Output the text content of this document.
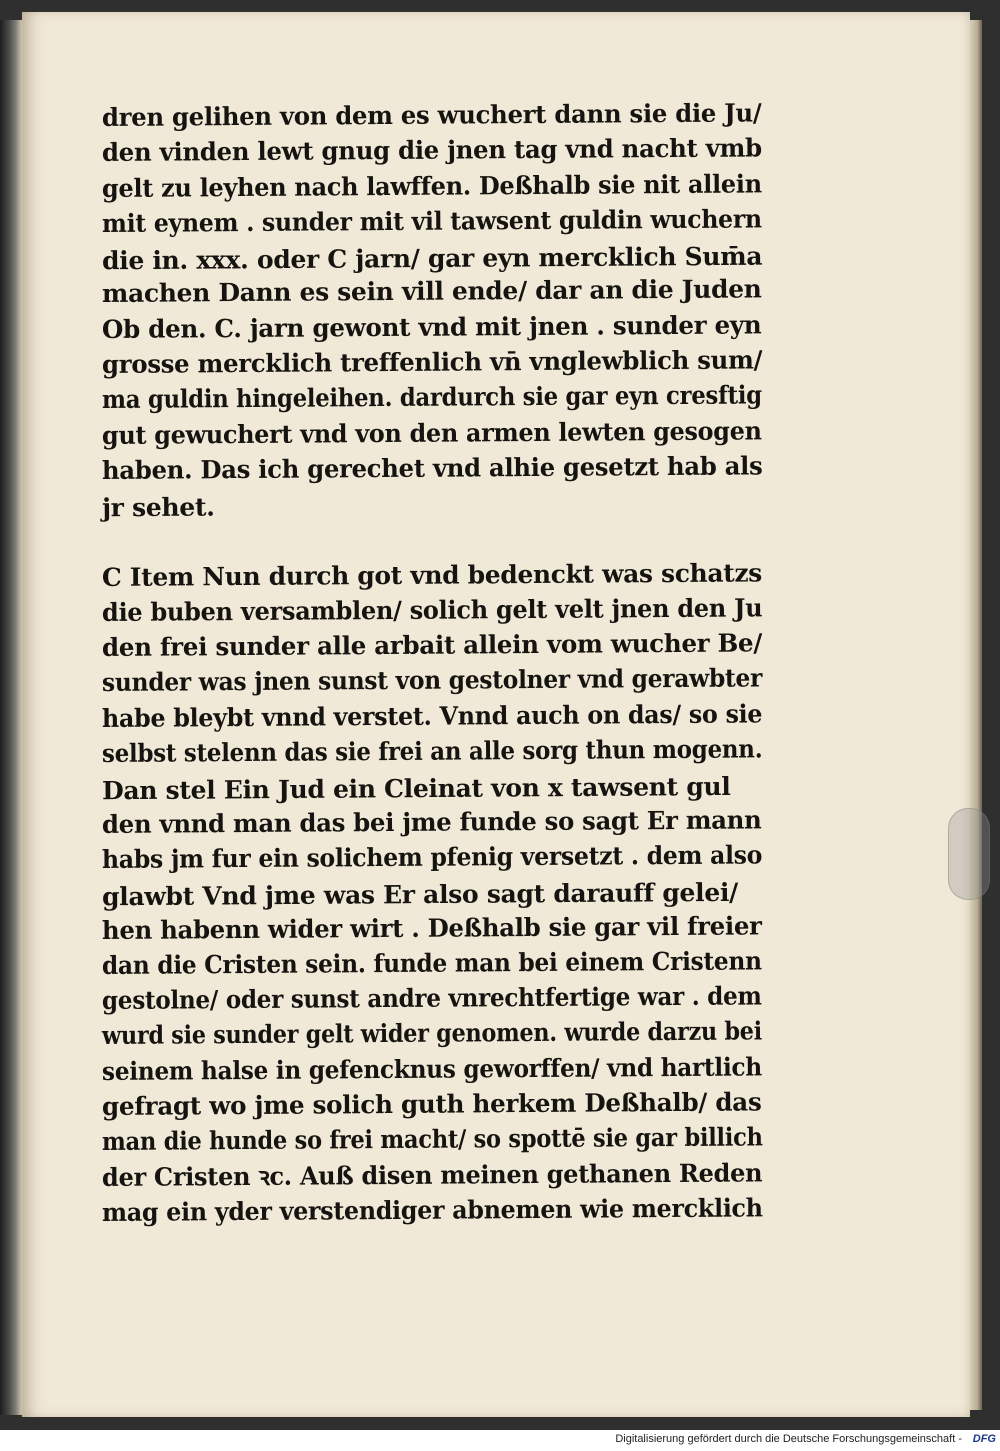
dren gelihen von dem es wuchert dann sie die Ju/
den vinden lewt gnug die jnen tag vnd nacht vmb
gelt zu leyhen nach lawffen. Deßhalb sie nit allein
mit eynem . sunder mit vil tawsent guldin wuchern
die in. xxx. oder C jarn/ gar eyn mercklich Sum̄a
machen Dann es sein vill ende/ dar an die Juden
Ob den. C. jarn gewont vnd mit jnen . sunder eyn
grosse mercklich treffenlich vn̄ vnglewblich sum/
ma guldin hingeleihen. dardurch sie gar eyn cresftig
gut gewuchert vnd von den armen lewten gesogen
haben. Das ich gerechet vnd alhie gesetzt hab als
jr sehet.
C Item Nun durch got vnd bedenckt was schatzs
die buben versamblen/ solich gelt velt jnen den Ju
den frei sunder alle arbait allein vom wucher Be/
sunder was jnen sunst von gestolner vnd gerawbter
habe bleybt vnnd verstet. Vnnd auch on das/ so sie
selbst stelenn das sie frei an alle sorg thun mogenn.
Dan stel Ein Jud ein Cleinat von x tawsent gul
den vnnd man das bei jme funde so sagt Er mann
habs jm fur ein solichem pfenig versetzt . dem also
glawbt Vnd jme was Er also sagt darauff gelei/
hen habenn wider wirt . Deßhalb sie gar vil freier
dan die Cristen sein. funde man bei einem Cristenn
gestolne/ oder sunst andre vnrechtfertige war . dem
wurd sie sunder gelt wider genomen. wurde darzu bei
seinem halse in gefencknus geworffen/ vnd hartlich
gefragt wo jme solich guth herkem Deßhalb/ das
man die hunde so frei macht/ so spottē sie gar billich
der Cristen ꝛc. Auß disen meinen gethanen Reden
mag ein yder verstendiger abnemen wie mercklich
Digitalisierung gefördert durch die Deutsche Forschungsgemeinschaft - DFG
